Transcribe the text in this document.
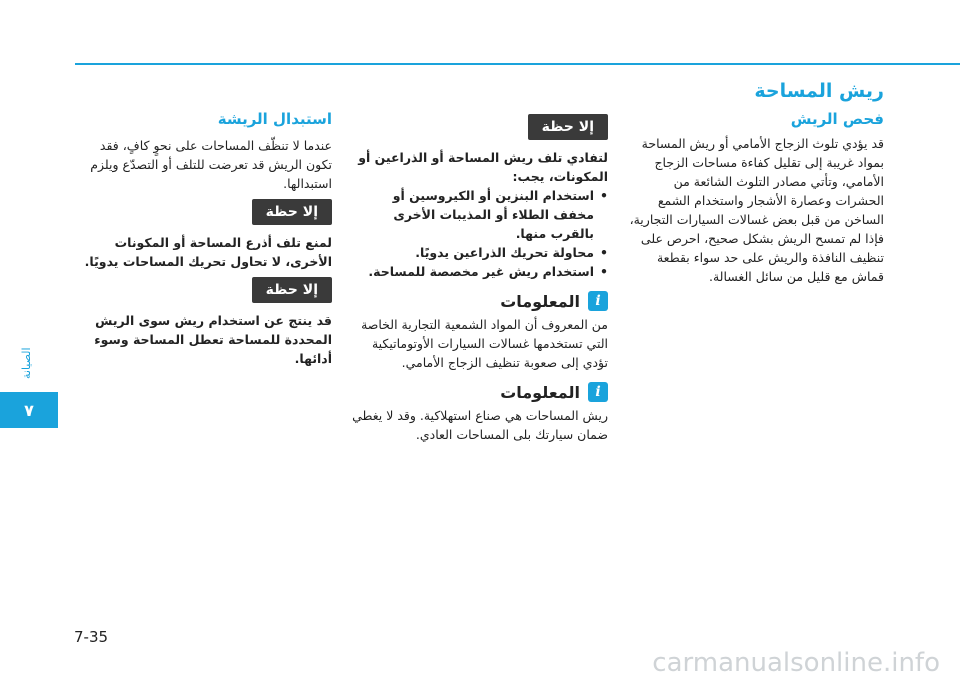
الصيانة
٧
7-35
carmanualsonline.info
ريش المساحة
فحص الريش

قد يؤدي تلوث الزجاج الأمامي أو ريش المساحة بمواد غريبة إلى تقليل كفاءة مساحات الزجاج الأمامي، وتأتي مصادر التلوث الشائعة من الحشرات وعصارة الأشجار واستخدام الشمع الساخن من قبل بعض غسالات السيارات التجارية، فإذا لم تمسح الريش بشكل صحيح، احرص على تنظيف النافذة والريش على حد سواء بقطعة قماش مع قليل من سائل الغسالة.

إلا حظة

لتفادي تلف ريش المساحة أو الذراعين أو المكونات، يجب:

• استخدام البنزين أو الكيروسين أو مخفف الطلاء أو المذيبات الأخرى بالقرب منها.
• محاولة تحريك الذراعين يدويًا.
• استخدام ريش غير مخصصة للمساحة.
i
المعلومات

من المعروف أن المواد الشمعية التجارية الخاصة التي تستخدمها غسالات السيارات الأوتوماتيكية تؤدي إلى صعوبة تنظيف الزجاج الأمامي.

i
المعلومات

ريش المساحات هي صناع استهلاكية. وقد لا يغطي ضمان سيارتك بلى المساحات العادي.

استبدال الريشة

عندما لا تنظّف المساحات على نحوٍ كافٍ، فقد تكون الريش قد تعرضت للتلف أو التصدّع ويلزم استبدالها.

إلا حظة

لمنع تلف أذرع المساحة أو المكونات الأخرى، لا تحاول تحريك المساحات يدويًا.

إلا حظة

قد ينتج عن استخدام ريش سوى الريش المحددة للمساحة تعطل المساحة وسوء أدائها.
